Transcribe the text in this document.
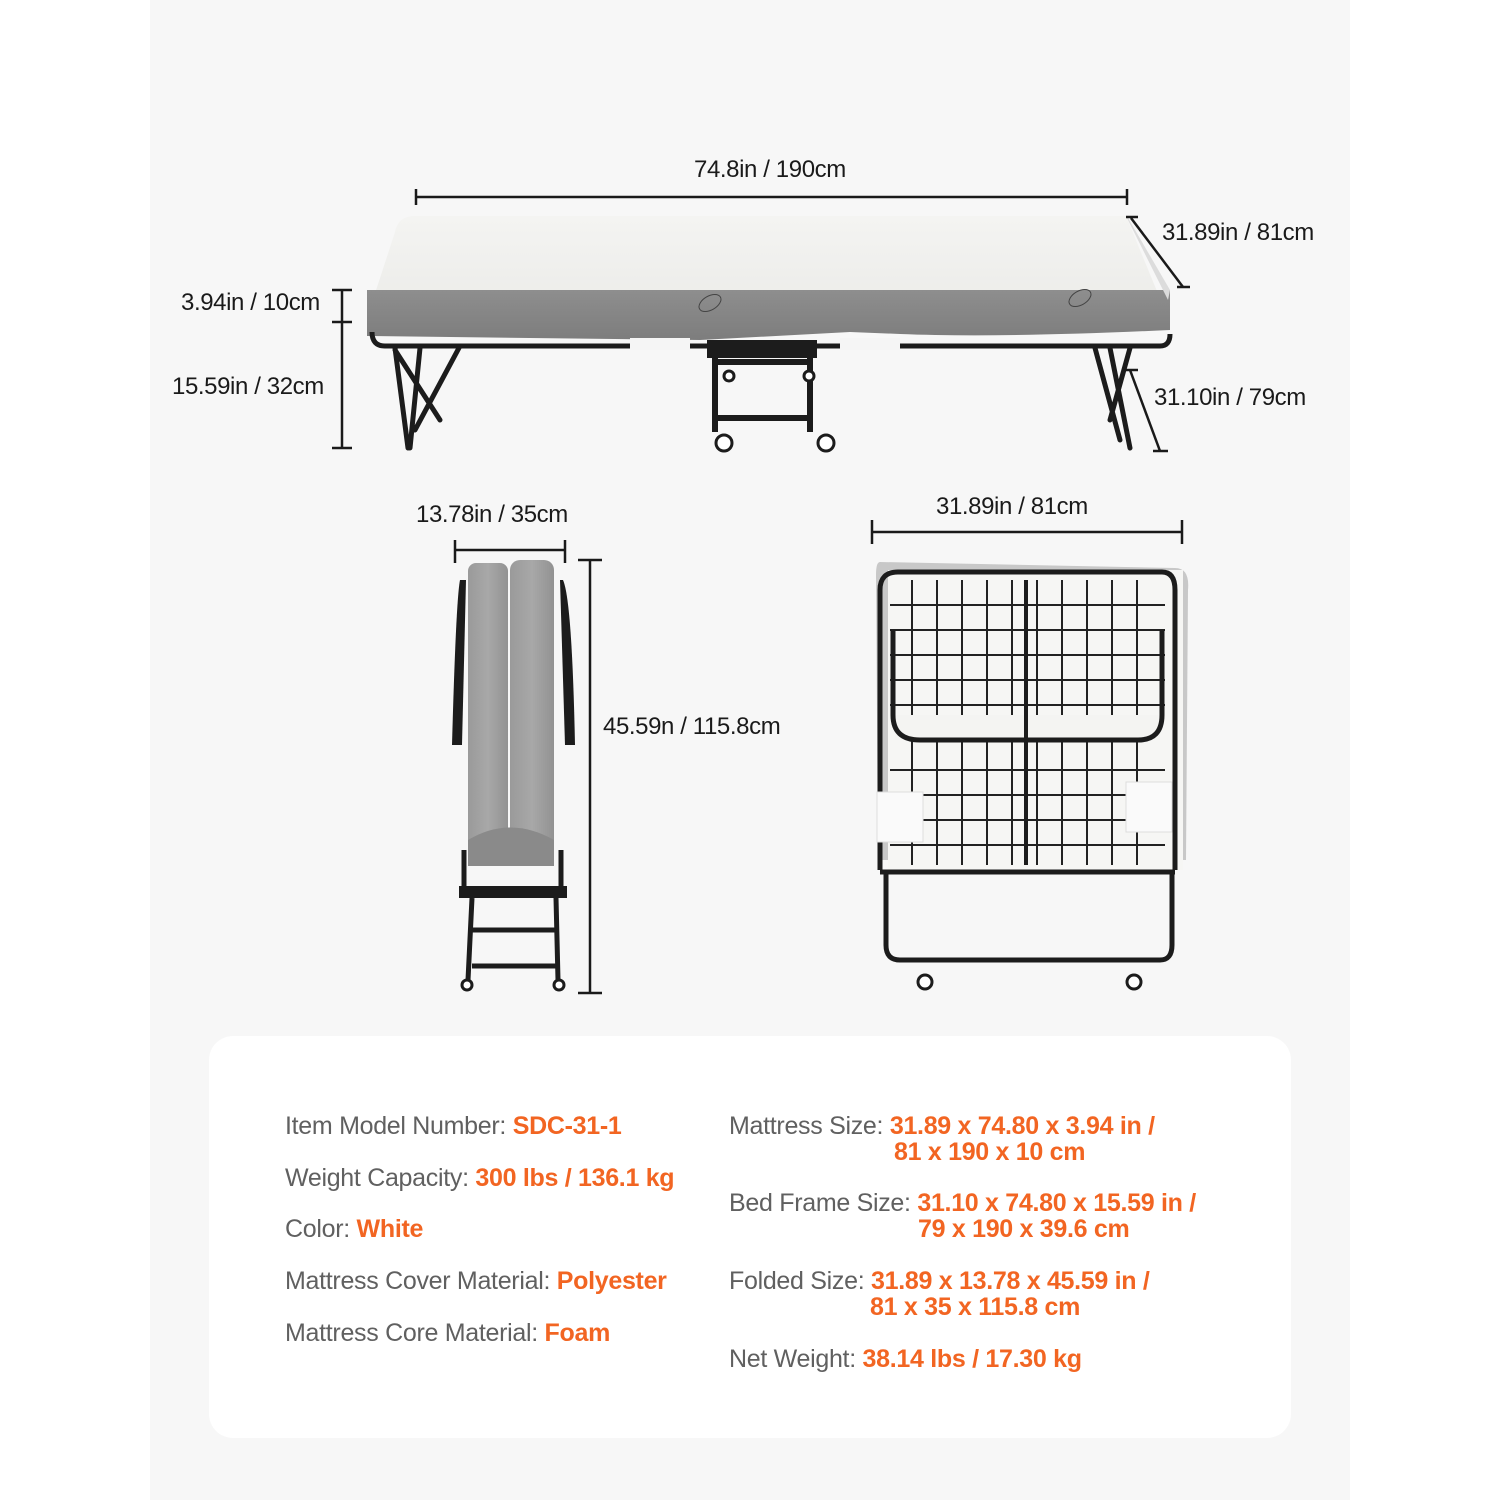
74.8in / 190cm
31.89in / 81cm
3.94in / 10cm
15.59in / 32cm	31.10in / 79cm
13.78in / 35cm
45.59n / 115.8cm
31.89in / 81cm
Item Model Number: SDC-31-1
Weight Capacity: 300 lbs / 136.1 kg
Color: White
Mattress Cover Material: Polyester
Mattress Core Material: Foam
Mattress Size: 31.89 x 74.80 x 3.94 in /
81 x 190 x 10 cm
Bed Frame Size: 31.10 x 74.80 x 15.59 in /
79 x 190 x 39.6 cm
Folded Size: 31.89 x 13.78 x 45.59 in /
81 x 35 x 115.8 cm
Net Weight: 38.14 lbs / 17.30 kg
